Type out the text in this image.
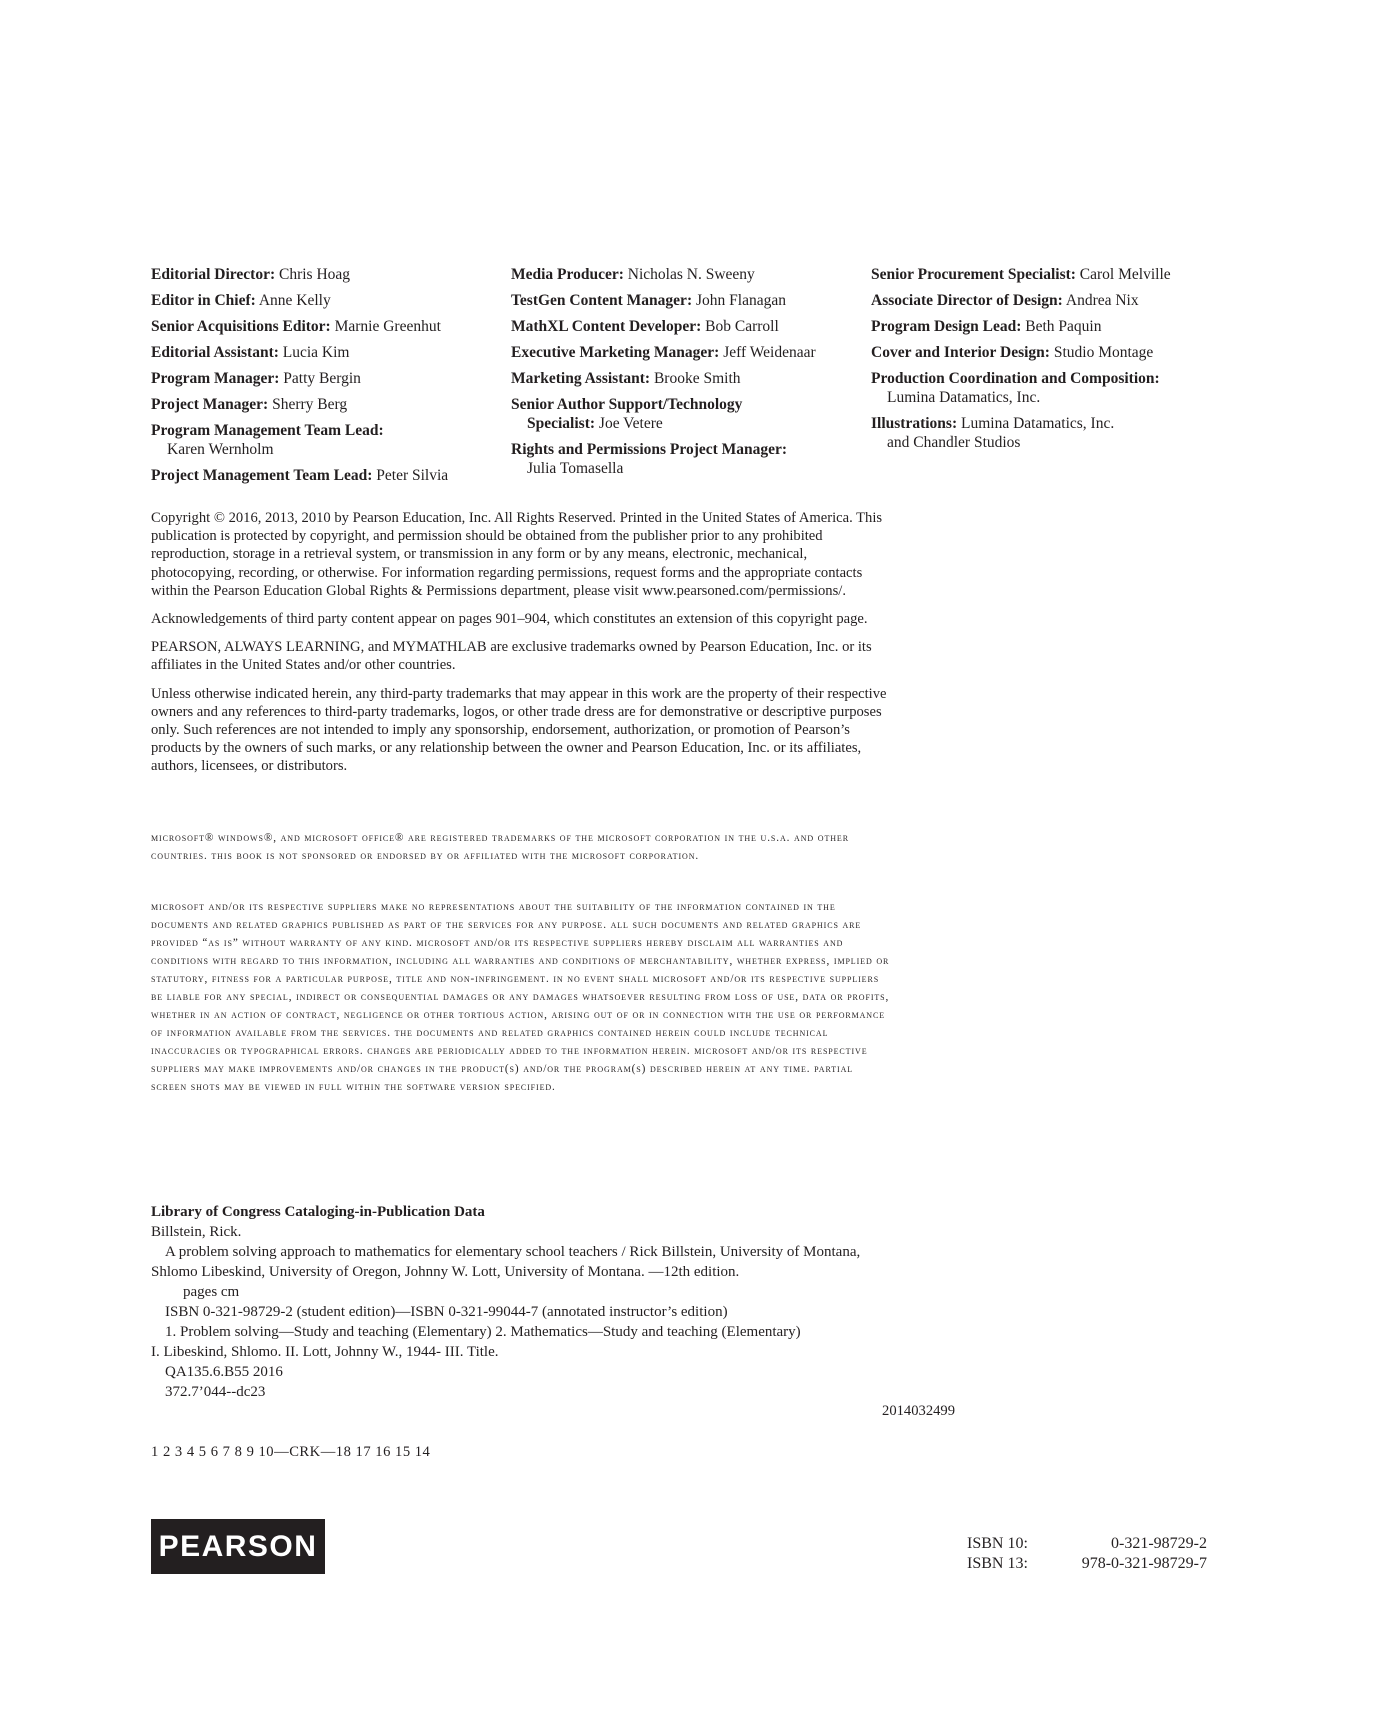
Editorial Director: Chris Hoag
Editor in Chief: Anne Kelly
Senior Acquisitions Editor: Marnie Greenhut
Editorial Assistant: Lucia Kim
Program Manager: Patty Bergin
Project Manager: Sherry Berg
Program Management Team Lead:
Karen Wernholm
Project Management Team Lead: Peter Silvia
Media Producer: Nicholas N. Sweeny
TestGen Content Manager: John Flanagan
MathXL Content Developer: Bob Carroll
Executive Marketing Manager: Jeff Weidenaar
Marketing Assistant: Brooke Smith
Senior Author Support/Technology
Specialist: Joe Vetere
Rights and Permissions Project Manager:
Julia Tomasella
Senior Procurement Specialist: Carol Melville
Associate Director of Design: Andrea Nix
Program Design Lead: Beth Paquin
Cover and Interior Design: Studio Montage
Production Coordination and Composition:
Lumina Datamatics, Inc.
Illustrations: Lumina Datamatics, Inc.
and Chandler Studios

Copyright © 2016, 2013, 2010 by Pearson Education, Inc. All Rights Reserved. Printed in the United States of America. This publication is protected by copyright, and permission should be obtained from the publisher prior to any prohibited reproduction, storage in a retrieval system, or transmission in any form or by any means, electronic, mechanical, photocopying, recording, or otherwise. For information regarding permissions, request forms and the appropriate contacts within the Pearson Education Global Rights & Permissions department, please visit www.pearsoned.com/permissions/.

Acknowledgements of third party content appear on pages 901–904, which constitutes an extension of this copyright page.

PEARSON, ALWAYS LEARNING, and MYMATHLAB are exclusive trademarks owned by Pearson Education, Inc. or its affiliates in the United States and/or other countries.

Unless otherwise indicated herein, any third-party trademarks that may appear in this work are the property of their respective owners and any references to third-party trademarks, logos, or other trade dress are for demonstrative or descriptive purposes only. Such references are not intended to imply any sponsorship, endorsement, authorization, or promotion of Pearson’s products by the owners of such marks, or any relationship between the owner and Pearson Education, Inc. or its affiliates, authors, licensees, or distributors.

microsoft® windows®, and microsoft office® are registered trademarks of the microsoft corporation in the u.s.a. and other countries. this book is not sponsored or endorsed by or affiliated with the microsoft corporation.
microsoft and/or its respective suppliers make no representations about the suitability of the information contained in the documents and related graphics published as part of the services for any purpose. all such documents and related graphics are provided “as is” without warranty of any kind. microsoft and/or its respective suppliers hereby disclaim all warranties and conditions with regard to this information, including all warranties and conditions of merchantability, whether express, implied or statutory, fitness for a particular purpose, title and non-infringement. in no event shall microsoft and/or its respective suppliers be liable for any special, indirect or consequential damages or any damages whatsoever resulting from loss of use, data or profits, whether in an action of contract, negligence or other tortious action, arising out of or in connection with the use or performance of information available from the services. the documents and related graphics contained herein could include technical inaccuracies or typographical errors. changes are periodically added to the information herein. microsoft and/or its respective suppliers may make improvements and/or changes in the product(s) and/or the program(s) described herein at any time. partial screen shots may be viewed in full within the software version specified.
Library of Congress Cataloging-in-Publication Data
Billstein, Rick.
A problem solving approach to mathematics for elementary school teachers / Rick Billstein, University of Montana,
Shlomo Libeskind, University of Oregon, Johnny W. Lott, University of Montana. —12th edition.
pages cm
ISBN 0-321-98729-2 (student edition)—ISBN 0-321-99044-7 (annotated instructor’s edition)
1. Problem solving—Study and teaching (Elementary) 2. Mathematics—Study and teaching (Elementary)
I. Libeskind, Shlomo. II. Lott, Johnny W., 1944- III. Title.
QA135.6.B55 2016
372.7’044--dc23
2014032499
1 2 3 4 5 6 7 8 9 10—CRK—18 17 16 15 14
PEARSON	ISBN 10:	0-321-98729-2
ISBN 13:	978-0-321-98729-7
